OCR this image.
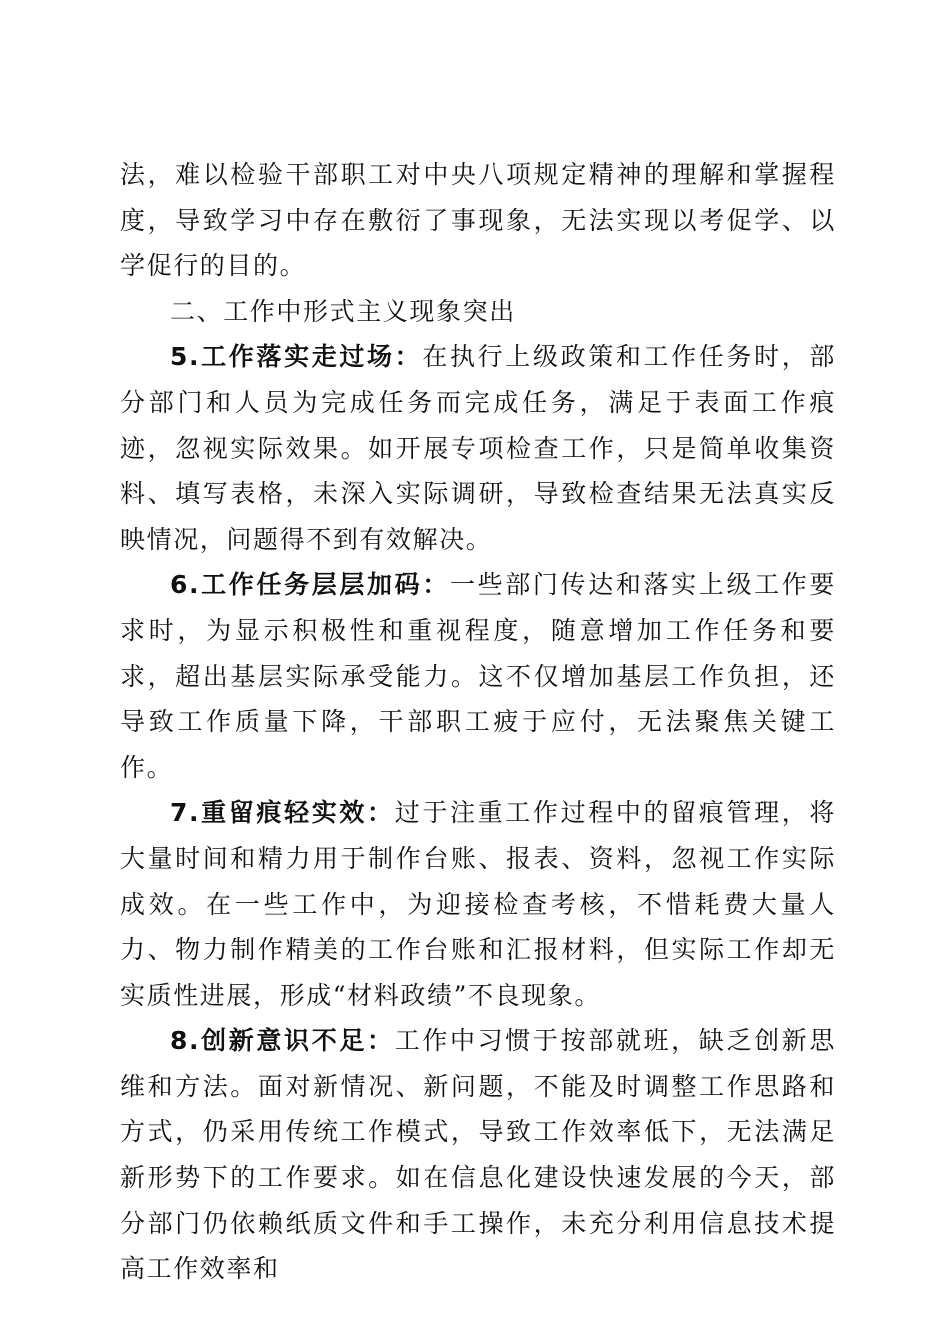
法，难以检验干部职工对中央八项规定精神的理解和掌握程度，导致学习中存在敷衍了事现象，无法实现以考促学、以学促行的目的。

二、工作中形式主义现象突出

5.工作落实走过场：在执行上级政策和工作任务时，部分部门和人员为完成任务而完成任务，满足于表面工作痕迹，忽视实际效果。如开展专项检查工作，只是简单收集资料、填写表格，未深入实际调研，导致检查结果无法真实反映情况，问题得不到有效解决。

6.工作任务层层加码：一些部门传达和落实上级工作要求时，为显示积极性和重视程度，随意增加工作任务和要求，超出基层实际承受能力。这不仅增加基层工作负担，还导致工作质量下降，干部职工疲于应付，无法聚焦关键工作。

7.重留痕轻实效：过于注重工作过程中的留痕管理，将大量时间和精力用于制作台账、报表、资料，忽视工作实际成效。在一些工作中，为迎接检查考核，不惜耗费大量人力、物力制作精美的工作台账和汇报材料，但实际工作却无实质性进展，形成“材料政绩”不良现象。

8.创新意识不足：工作中习惯于按部就班，缺乏创新思维和方法。面对新情况、新问题，不能及时调整工作思路和方式，仍采用传统工作模式，导致工作效率低下，无法满足新形势下的工作要求。如在信息化建设快速发展的今天，部分部门仍依赖纸质文件和手工操作，未充分利用信息技术提高工作效率和
